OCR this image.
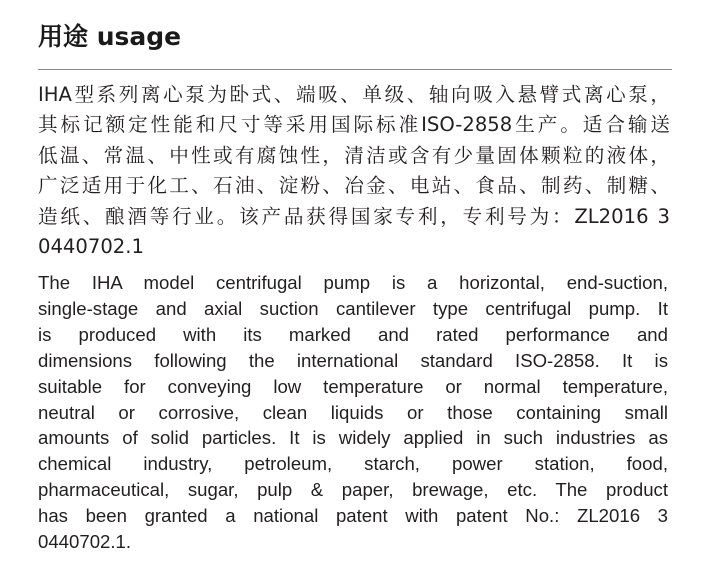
用途 usage
IHA型系列离心泵为卧式、端吸、单级、轴向吸入悬臂式离心泵，
其标记额定性能和尺寸等采用国际标准ISO-2858生产。适合输送
低温、常温、中性或有腐蚀性，清洁或含有少量固体颗粒的液体，
广泛适用于化工、石油、淀粉、冶金、电站、食品、制药、制糖、
造纸、酿酒等行业。该产品获得国家专利，专利号为：ZL2016 3
0440702.1
The IHA model centrifugal pump is a horizontal, end-suction,
single-stage and axial suction cantilever type centrifugal pump. It
is produced with its marked and rated performance and
dimensions following the international standard ISO-2858. It is
suitable for conveying low temperature or normal temperature,
neutral or corrosive, clean liquids or those containing small
amounts of solid particles. It is widely applied in such industries as
chemical industry, petroleum, starch, power station, food,
pharmaceutical, sugar, pulp & paper, brewage, etc. The product
has been granted a national patent with patent No.: ZL2016 3
0440702.1.
